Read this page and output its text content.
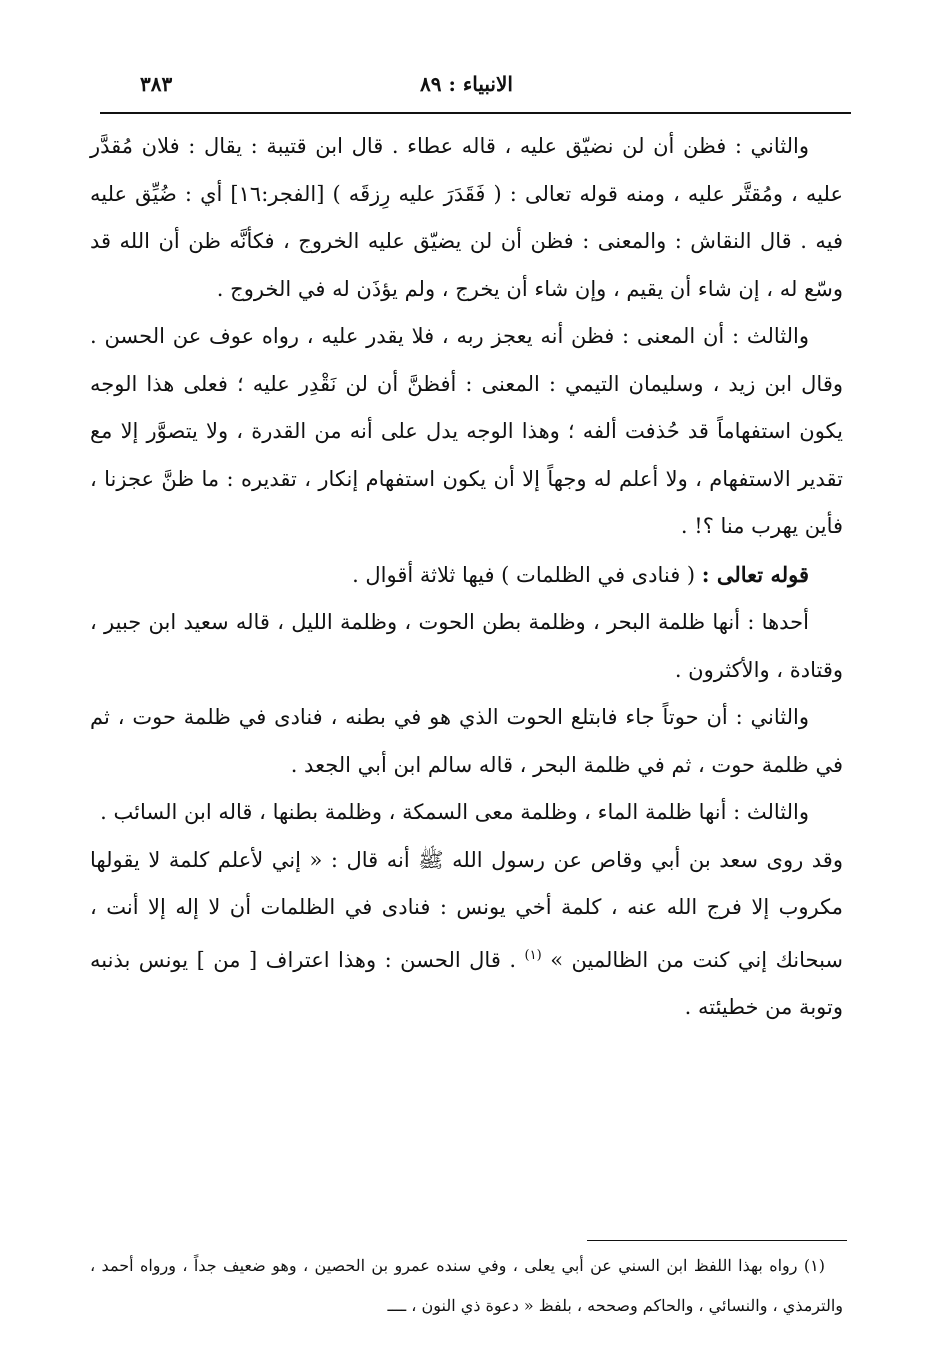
٣٨٣	الانبياء : ٨٩

والثاني : فظن أن لن نضيّق عليه ، قاله عطاء . قال ابن قتيبة : يقال : فلان مُقدَّر عليه ، ومُقتَّر عليه ، ومنه قوله تعالى : ( فَقَدَرَ عليه رِزقَه ) [الفجر:١٦] أي : ضُيِّق عليه فيه . قال النقاش : والمعنى : فظن أن لن يضيّق عليه الخروج ، فكأنَّه ظن أن الله قد وسّع له ، إن شاء أن يقيم ، وإن شاء أن يخرج ، ولم يؤذَن له في الخروج .

والثالث : أن المعنى : فظن أنه يعجز ربه ، فلا يقدر عليه ، رواه عوف عن الحسن . وقال ابن زيد ، وسليمان التيمي : المعنى : أفظنَّ أن لن نَقْدِر عليه ؛ فعلى هذا الوجه يكون استفهاماً قد حُذفت ألفه ؛ وهذا الوجه يدل على أنه من القدرة ، ولا يتصوَّر إلا مع تقدير الاستفهام ، ولا أعلم له وجهاً إلا أن يكون استفهام إنكار ، تقديره : ما ظنَّ عجزنا ، فأين يهرب منا ؟! .

قوله تعالى : ( فنادى في الظلمات ) فيها ثلاثة أقوال .

أحدها : أنها ظلمة البحر ، وظلمة بطن الحوت ، وظلمة الليل ، قاله سعيد ابن جبير ، وقتادة ، والأكثرون .

والثاني : أن حوتاً جاء فابتلع الحوت الذي هو في بطنه ، فنادى في ظلمة حوت ، ثم في ظلمة حوت ، ثم في ظلمة البحر ، قاله سالم ابن أبي الجعد .

والثالث : أنها ظلمة الماء ، وظلمة معى السمكة ، وظلمة بطنها ، قاله ابن السائب .

وقد روى سعد بن أبي وقاص عن رسول الله ﷺ أنه قال : « إني لأعلم كلمة لا يقولها مكروب إلا فرج الله عنه ، كلمة أخي يونس : فنادى في الظلمات أن لا إله إلا أنت ، سبحانك إني كنت من الظالمين » $^{(١)}$ . قال الحسن : وهذا اعتراف [ من ] يونس بذنبه وتوبة من خطيئته .

(١) رواه بهذا اللفظ ابن السني عن أبي يعلى ، وفي سنده عمرو بن الحصين ، وهو ضعيف جداً ، ورواه أحمد ، والترمذي ، والنسائي ، والحاكم وصححه ، بلفظ « دعوة ذي النون ، ــــ
